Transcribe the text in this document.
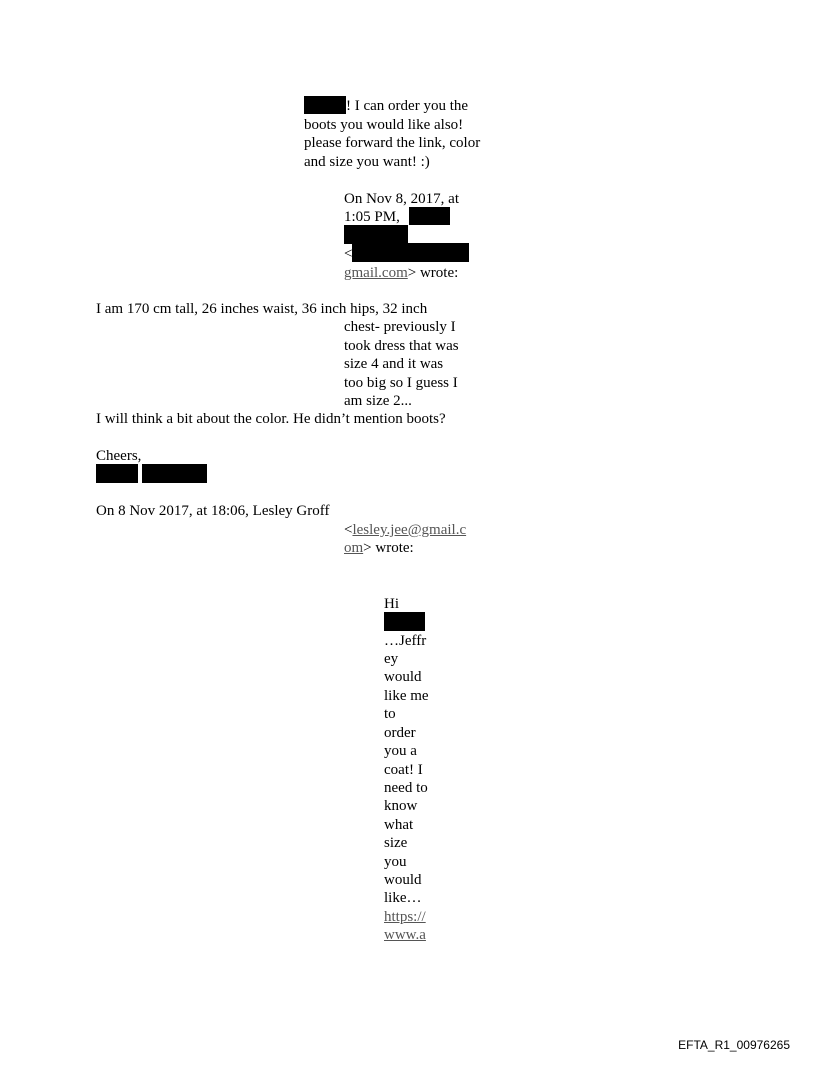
! I can order you the
boots you would like also!
please forward the link, color
and size you want! :)
On Nov 8, 2017, at
1:05 PM,
<
gmail.com> wrote:
I am 170 cm tall, 26 inches waist, 36 inch hips, 32 inch
chest- previously I
took dress that was
size 4 and it was
too big so I guess I
am size 2...
I will think a bit about the color. He didn’t mention boots?
Cheers,
On 8 Nov 2017, at 18:06, Lesley Groff
<lesley.jee@gmail.c
om> wrote:
Hi
…Jeffr
ey
would
like me
to
order
you a
coat! I
need to
know
what
size
you
would
like…
https://
www.a
EFTA_R1_00976265
